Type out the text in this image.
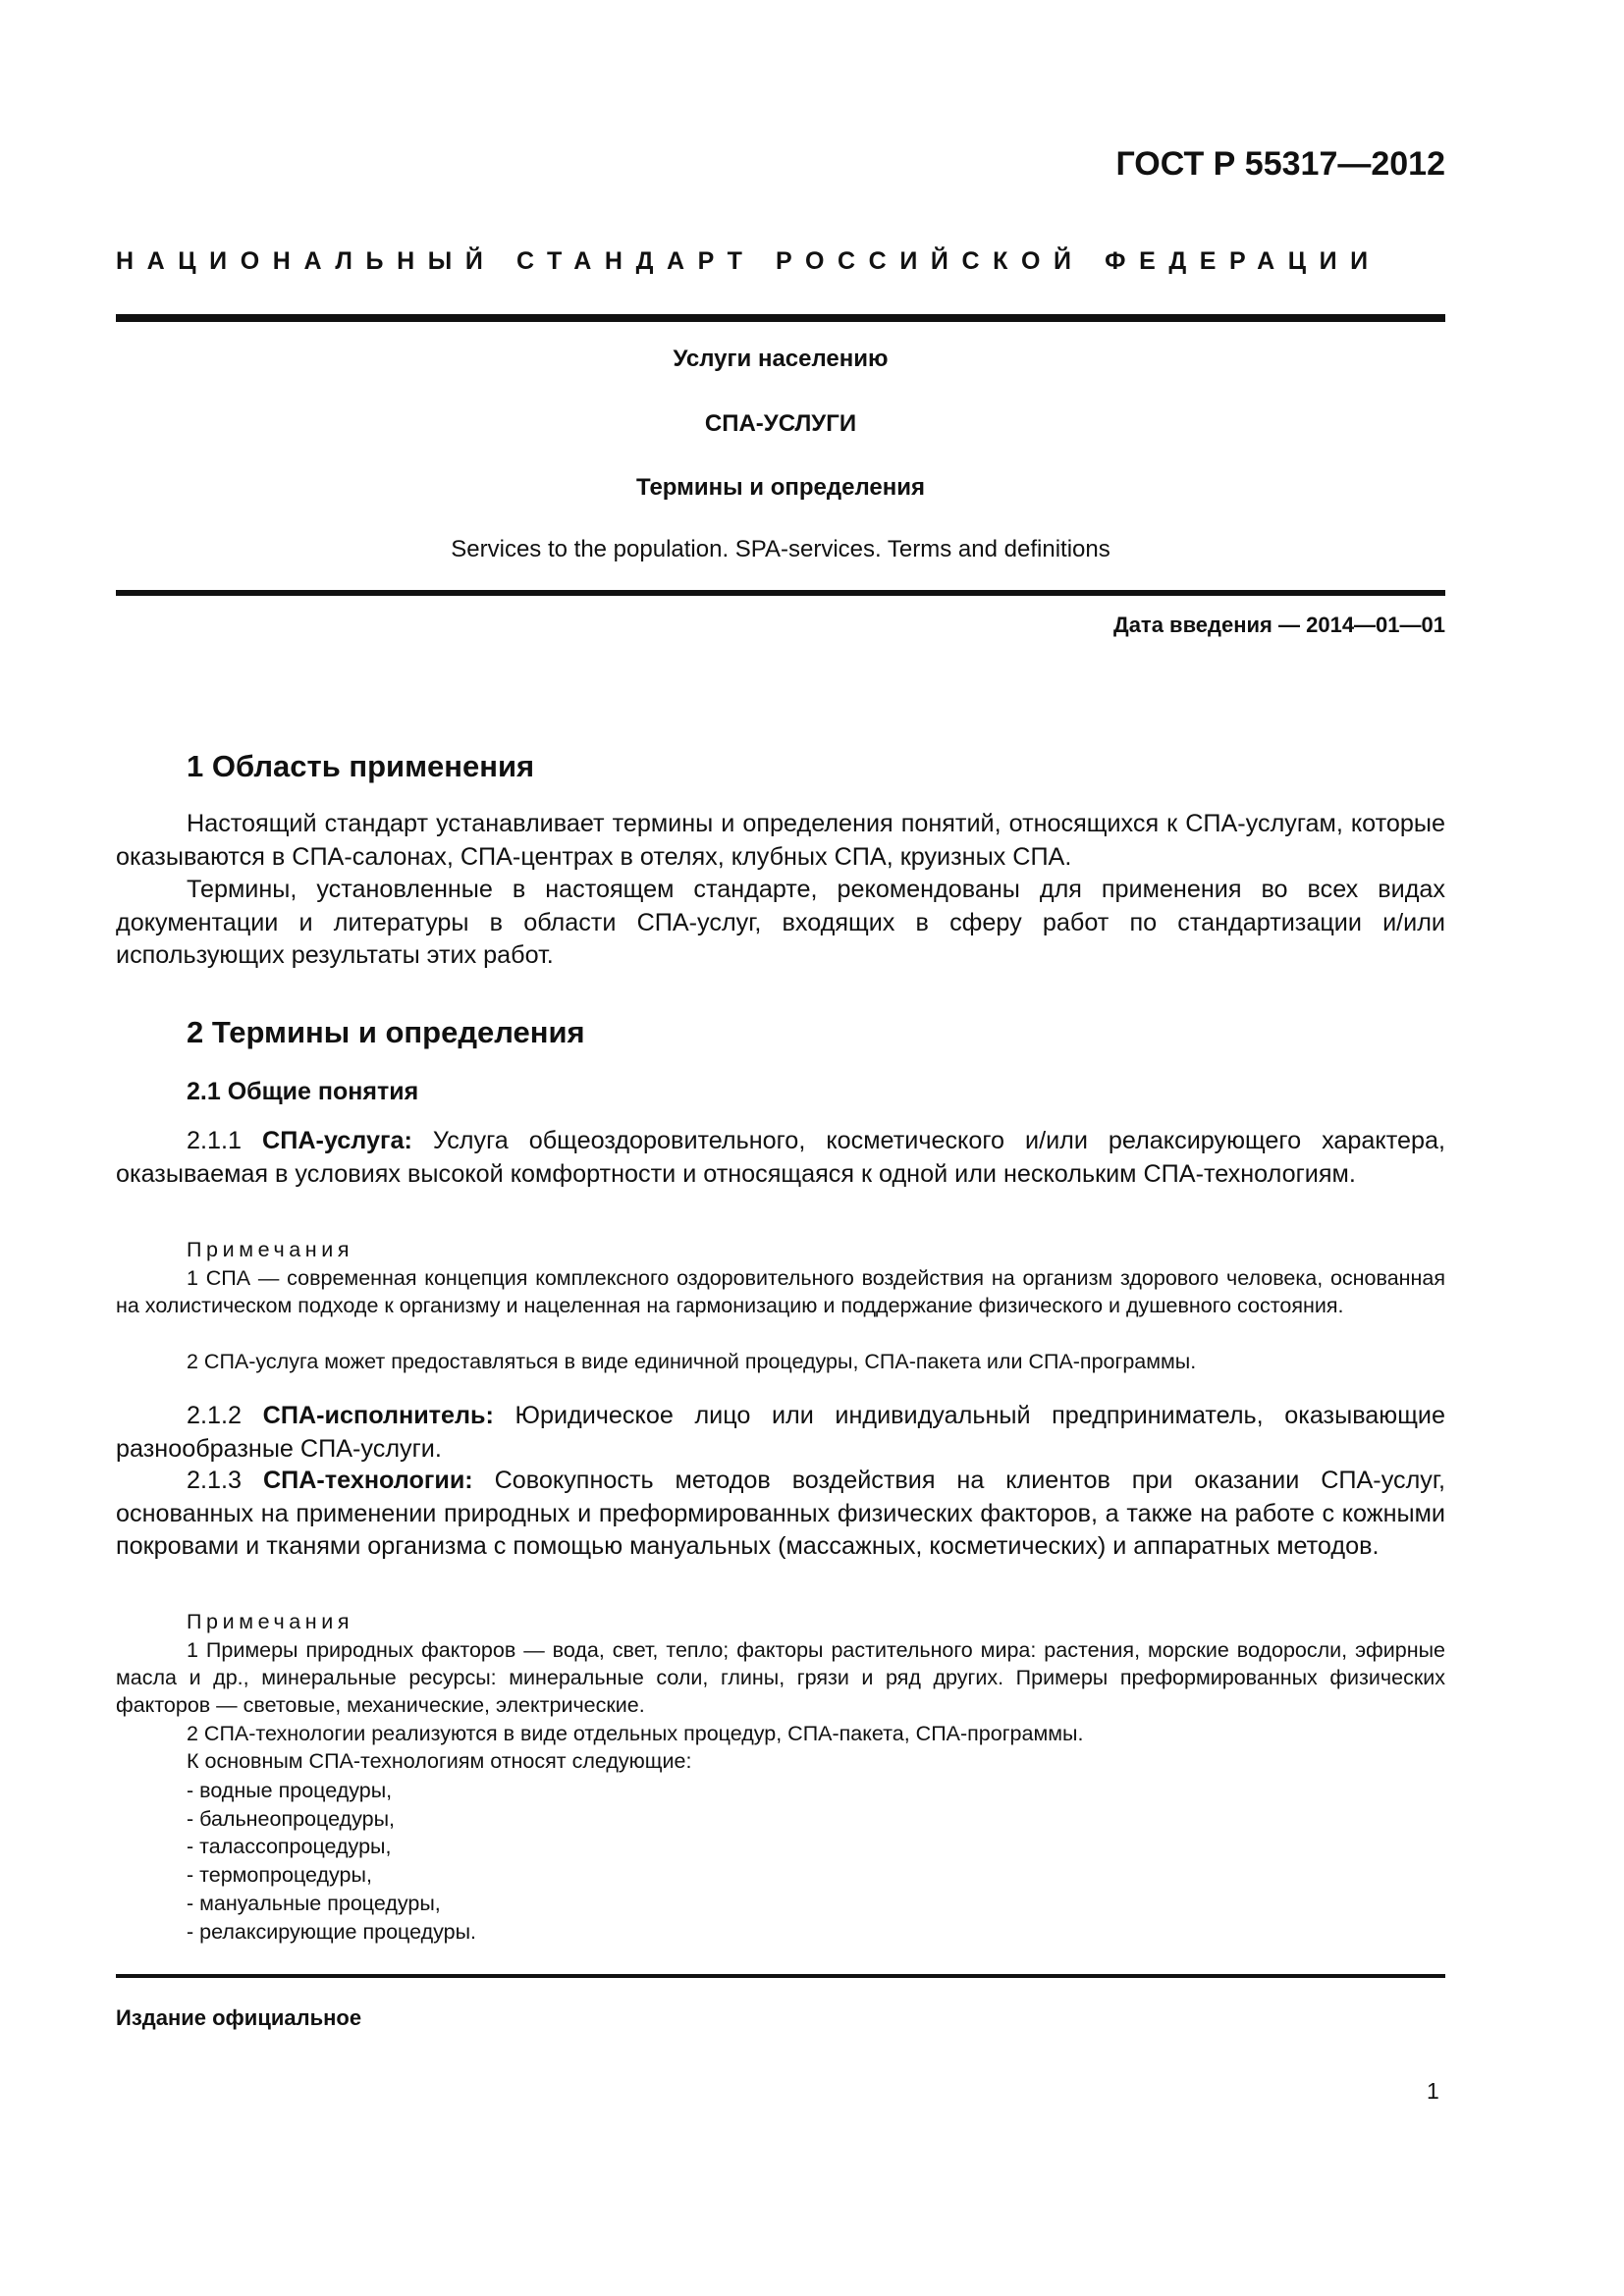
ГОСТ Р 55317—2012
НАЦИОНАЛЬНЫЙ СТАНДАРТ РОССИЙСКОЙ ФЕДЕРАЦИИ
Услуги населению
СПА-УСЛУГИ
Термины и определения
Services to the population. SPA-services. Terms and definitions
Дата введения — 2014—01—01
1 Область применения

Настоящий стандарт устанавливает термины и определения понятий, относящихся к СПА-услугам, которые оказываются в СПА-салонах, СПА-центрах в отелях, клубных СПА, круизных СПА.

Термины, установленные в настоящем стандарте, рекомендованы для применения во всех видах документации и литературы в области СПА-услуг, входящих в сферу работ по стандартизации и/или использующих результаты этих работ.

2 Термины и определения
2.1 Общие понятия

2.1.1 СПА-услуга: Услуга общеоздоровительного, косметического и/или релаксирующего характера, оказываемая в условиях высокой комфортности и относящаяся к одной или нескольким СПА-технологиям.

Примечания

1 СПА — современная концепция комплексного оздоровительного воздействия на организм здорового человека, основанная на холистическом подходе к организму и нацеленная на гармонизацию и поддержание физического и душевного состояния.

2 СПА-услуга может предоставляться в виде единичной процедуры, СПА-пакета или СПА-программы.

2.1.2 СПА-исполнитель: Юридическое лицо или индивидуальный предприниматель, оказывающие разнообразные СПА-услуги.

2.1.3 СПА-технологии: Совокупность методов воздействия на клиентов при оказании СПА-услуг, основанных на применении природных и преформированных физических факторов, а также на работе с кожными покровами и тканями организма с помощью мануальных (массажных, косметических) и аппаратных методов.

Примечания

1 Примеры природных факторов — вода, свет, тепло; факторы растительного мира: растения, морские водоросли, эфирные масла и др., минеральные ресурсы: минеральные соли, глины, грязи и ряд других. Примеры преформированных физических факторов — световые, механические, электрические.

2 СПА-технологии реализуются в виде отдельных процедур, СПА-пакета, СПА-программы.

К основным СПА-технологиям относят следующие:
- водные процедуры,
- бальнеопроцедуры,
- талассопроцедуры,
- термопроцедуры,
- мануальные процедуры,
- релаксирующие процедуры.
Издание официальное
1
